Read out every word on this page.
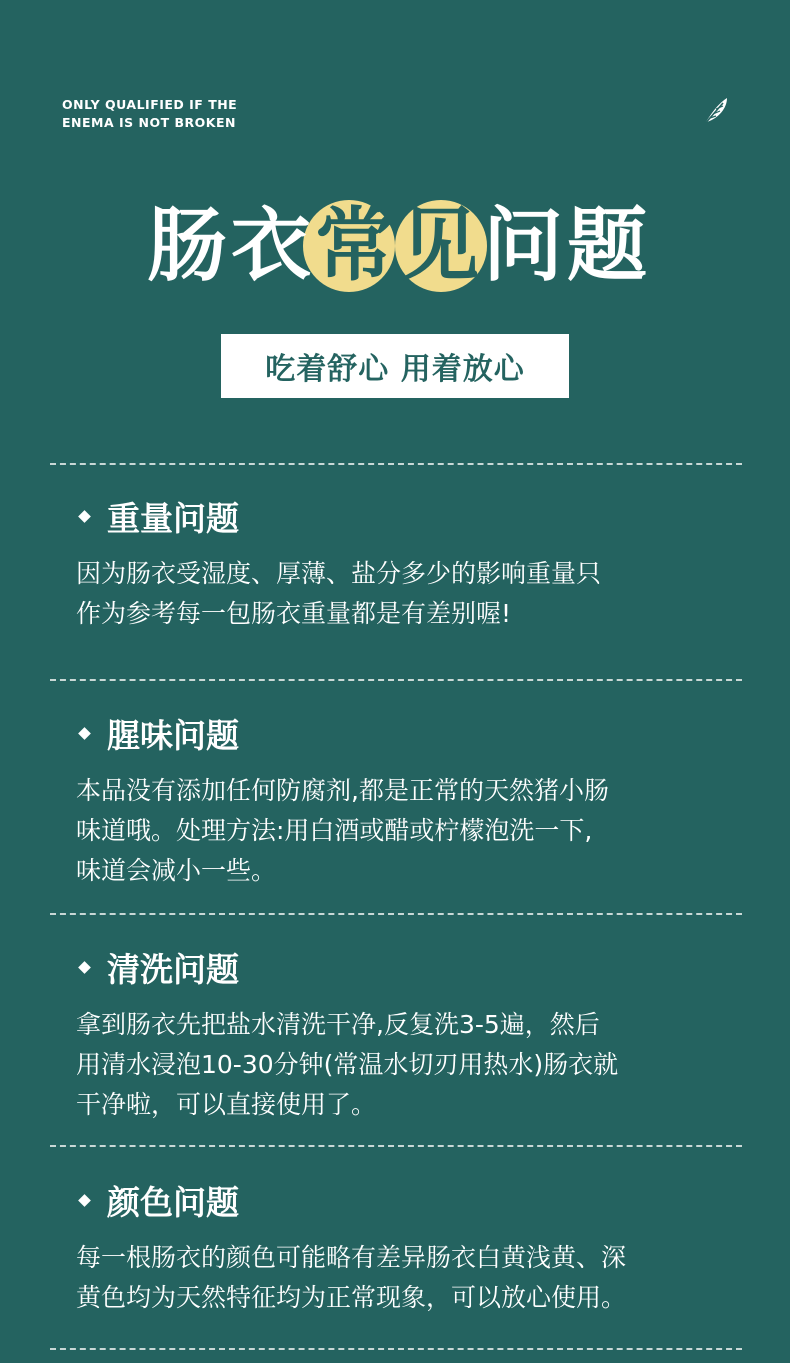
ONLY QUALIFIED IF THE
ENEMA IS NOT BROKEN
肠 衣 常 见 问 题
吃着舒心 用着放心
重量问题
因为肠衣受湿度、厚薄、盐分多少的影响重量只
作为参考每一包肠衣重量都是有差别喔!
腥味问题
本品没有添加任何防腐剂,都是正常的天然猪小肠
味道哦。处理方法:用白酒或醋或柠檬泡洗一下,
味道会减小一些。
清洗问题
拿到肠衣先把盐水清洗干净,反复洗3-5遍，然后
用清水浸泡10-30分钟(常温水切刃用热水)肠衣就
干净啦，可以直接使用了。
颜色问题
每一根肠衣的颜色可能略有差异肠衣白黄浅黄、深
黄色均为天然特征均为正常现象，可以放心使用。
